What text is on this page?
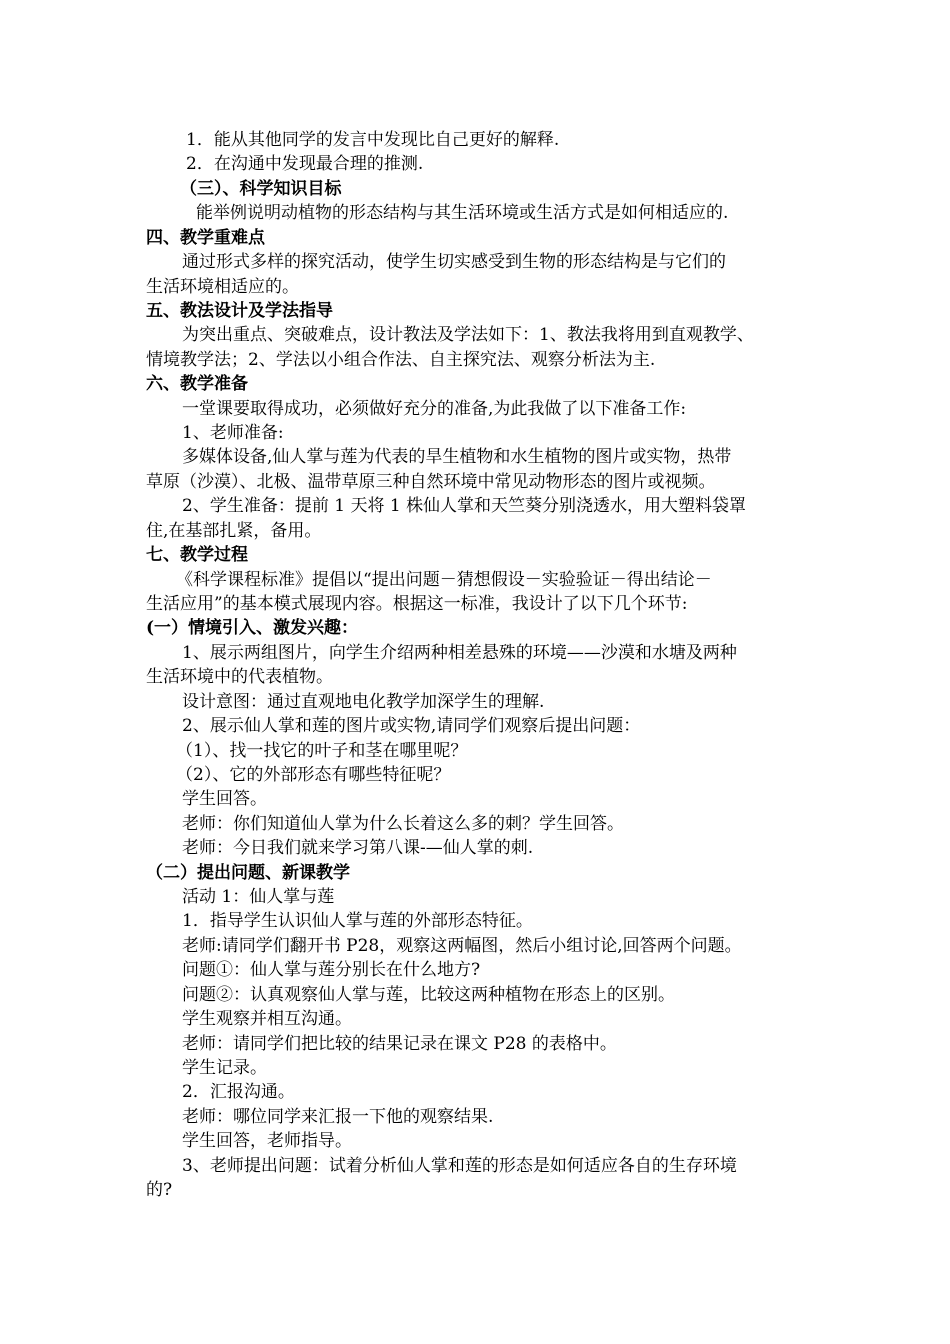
1．能从其他同学的发言中发现比自己更好的解释.
2．在沟通中发现最合理的推测.
（三）、科学知识目标
能举例说明动植物的形态结构与其生活环境或生活方式是如何相适应的.
四、教学重难点
通过形式多样的探究活动，使学生切实感受到生物的形态结构是与它们的
生活环境相适应的。
五、教法设计及学法指导
为突出重点、突破难点，设计教法及学法如下：1、教法我将用到直观教学、
情境教学法；2、学法以小组合作法、自主探究法、观察分析法为主.
六、教学准备
一堂课要取得成功，必须做好充分的准备,为此我做了以下准备工作:
1、老师准备:
多媒体设备,仙人掌与莲为代表的旱生植物和水生植物的图片或实物，热带
草原（沙漠）、北极、温带草原三种自然环境中常见动物形态的图片或视频。
2、学生准备：提前 1 天将 1 株仙人掌和天竺葵分别浇透水，用大塑料袋罩
住,在基部扎紧，备用。
七、教学过程
《科学课程标准》提倡以“提出问题－猜想假设－实验验证－得出结论－
生活应用”的基本模式展现内容。根据这一标准，我设计了以下几个环节:
(一）情境引入、激发兴趣：
1、展示两组图片，向学生介绍两种相差悬殊的环境——沙漠和水塘及两种
生活环境中的代表植物。
设计意图：通过直观地电化教学加深学生的理解.
2、展示仙人掌和莲的图片或实物,请同学们观察后提出问题：
（1）、找一找它的叶子和茎在哪里呢？
（2）、它的外部形态有哪些特征呢？
学生回答。
老师：你们知道仙人掌为什么长着这么多的刺？学生回答。
老师：今日我们就来学习第八课-—仙人掌的刺.
（二）提出问题、新课教学
活动 1：仙人掌与莲
1．指导学生认识仙人掌与莲的外部形态特征。
老师:请同学们翻开书 P28，观察这两幅图，然后小组讨论,回答两个问题。
问题①：仙人掌与莲分别长在什么地方?
问题②：认真观察仙人掌与莲，比较这两种植物在形态上的区别。
学生观察并相互沟通。
老师：请同学们把比较的结果记录在课文 P28 的表格中。
学生记录。
2．汇报沟通。
老师：哪位同学来汇报一下他的观察结果.
学生回答，老师指导。
3、老师提出问题：试着分析仙人掌和莲的形态是如何适应各自的生存环境
的?
